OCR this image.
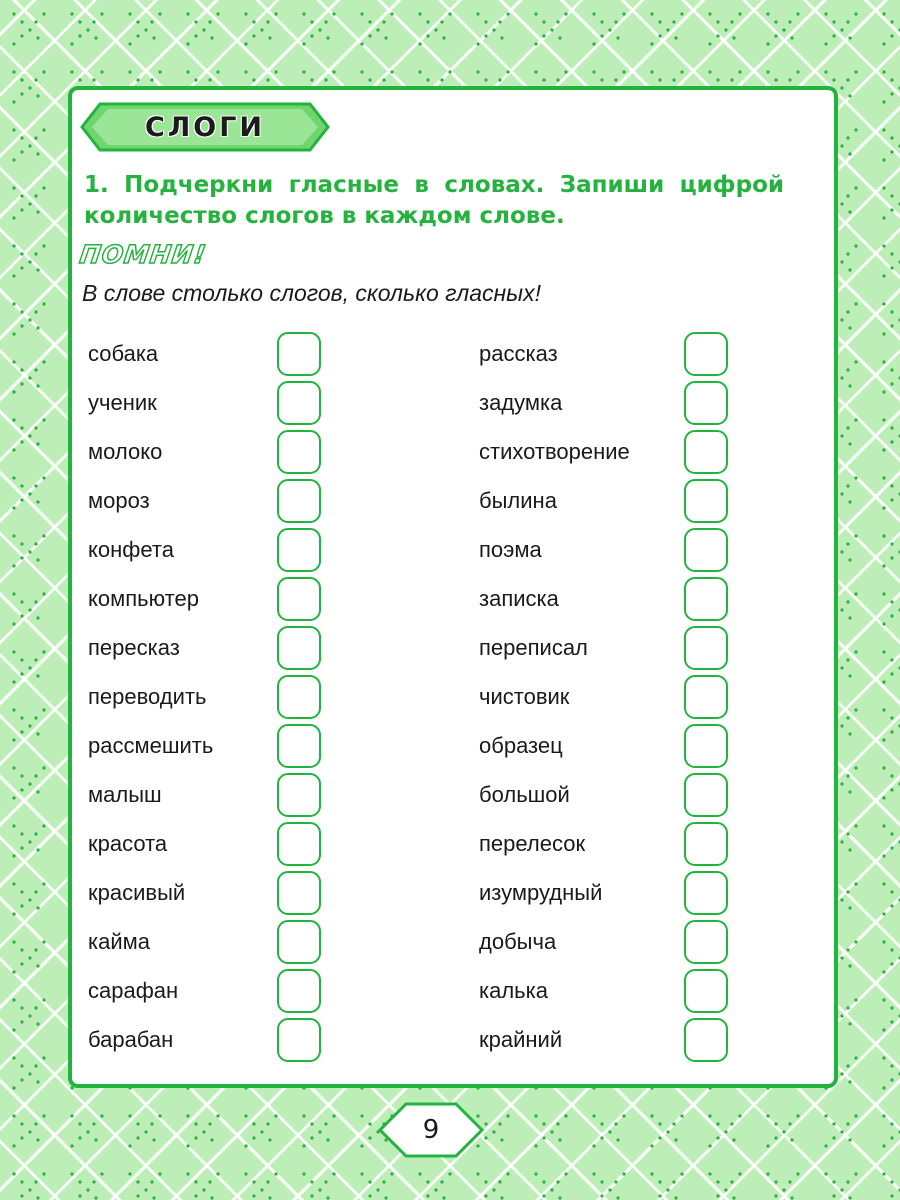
СЛОГИ

1. Подчеркни гласные в словах. Запиши цифрой количество слогов в каждом слове.

ПОМНИ!

В слове столько слогов, сколько гласных!

собака
ученик
молоко
мороз
конфета
компьютер
пересказ
переводить
рассмешить
малыш
красота
красивый
кайма
сарафан
барабан
рассказ
задумка
стихотворение
былина
поэма
записка
переписал
чистовик
образец
большой
перелесок
изумрудный
добыча
калька
крайний
9
